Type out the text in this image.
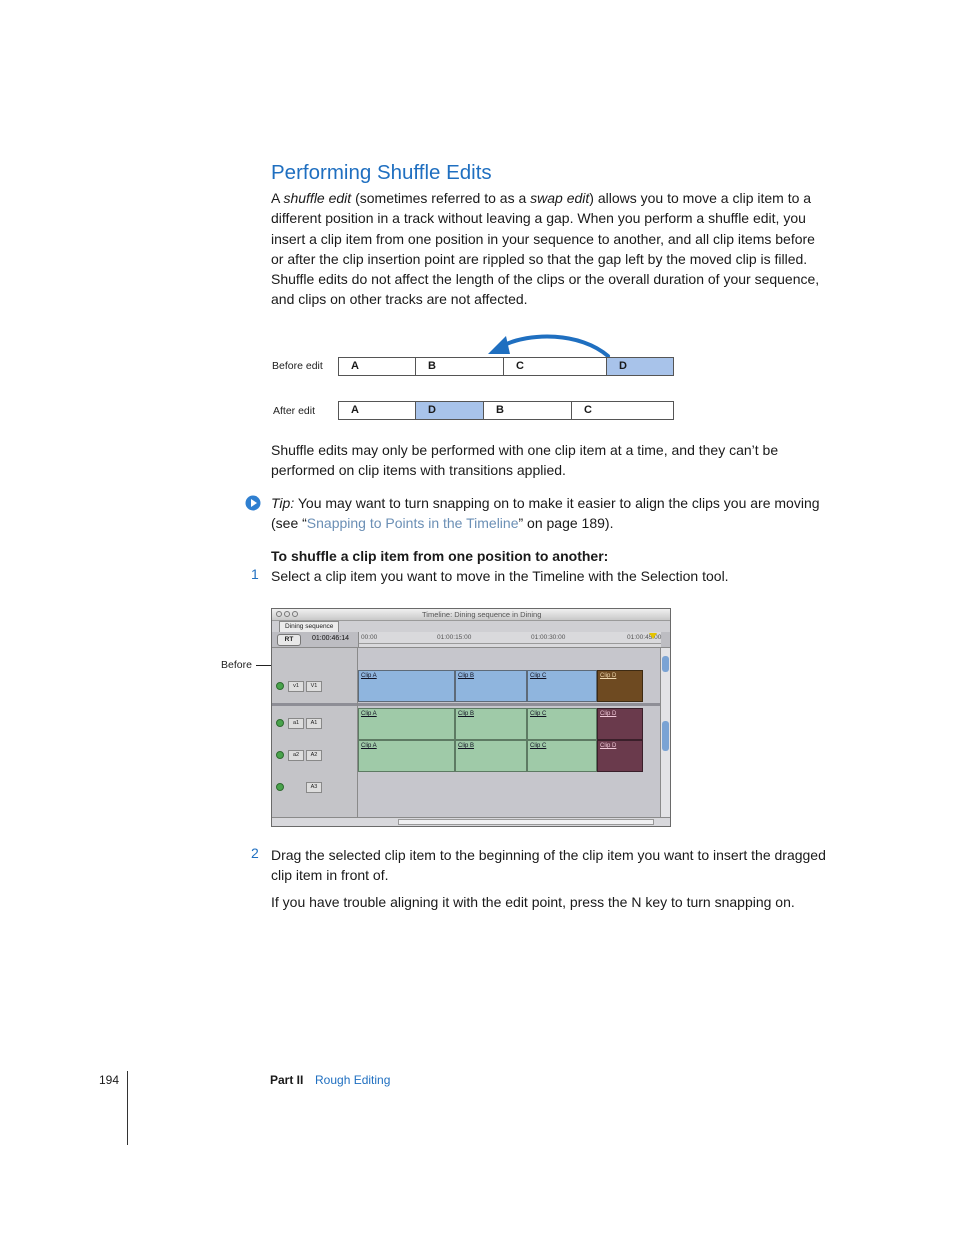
Performing Shuffle Edits

A shuffle edit (sometimes referred to as a swap edit) allows you to move a clip item to a different position in a track without leaving a gap. When you perform a shuffle edit, you insert a clip item from one position in your sequence to another, and all clip items before or after the clip insertion point are rippled so that the gap left by the moved clip is filled. Shuffle edits do not affect the length of the clips or the overall duration of your sequence, and clips on other tracks are not affected.

Before edit	A	B	C	D
After edit	A	D	B	C

Shuffle edits may only be performed with one clip item at a time, and they can’t be performed on clip items with transitions applied.

Tip: You may want to turn snapping on to make it easier to align the clips you are moving (see “Snapping to Points in the Timeline” on page 189).

To shuffle a clip item from one position to another:

1 Select a clip item you want to move in the Timeline with the Selection tool.

Before
Timeline: Dining sequence in Dining
Dining sequence
RT	01:00:46:14 00:00	01:00:15:00	01:00:30:00	01:00:45:00
v1	V1
a1	A1
a2	A2
A3
Clip A	Clip B	Clip C	Clip D
Clip A	Clip B	Clip C	Clip D
Clip A	Clip B	Clip C	Clip D
2 Drag the selected clip item to the beginning of the clip item you want to insert the dragged clip item in front of.

If you have trouble aligning it with the edit point, press the N key to turn snapping on.

194	Part II Rough Editing
